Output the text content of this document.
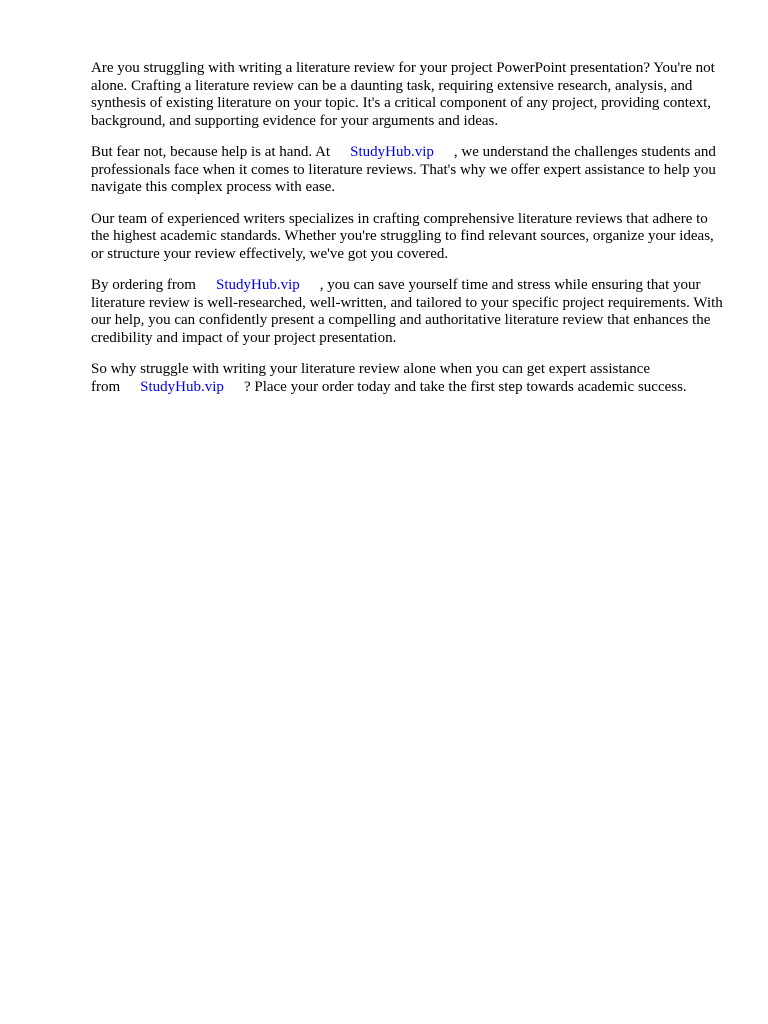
Are you struggling with writing a literature review for your project PowerPoint presentation? You're not alone. Crafting a literature review can be a daunting task, requiring extensive research, analysis, and synthesis of existing literature on your topic. It's a critical component of any project, providing context, background, and supporting evidence for your arguments and ideas.

But fear not, because help is at hand. At StudyHub.vip , we understand the challenges students and professionals face when it comes to literature reviews. That's why we offer expert assistance to help you navigate this complex process with ease.

Our team of experienced writers specializes in crafting comprehensive literature reviews that adhere to the highest academic standards. Whether you're struggling to find relevant sources, organize your ideas, or structure your review effectively, we've got you covered.

By ordering from StudyHub.vip , you can save yourself time and stress while ensuring that your literature review is well-researched, well-written, and tailored to your specific project requirements. With our help, you can confidently present a compelling and authoritative literature review that enhances the credibility and impact of your project presentation.

So why struggle with writing your literature review alone when you can get expert assistance from StudyHub.vip ? Place your order today and take the first step towards academic success.
